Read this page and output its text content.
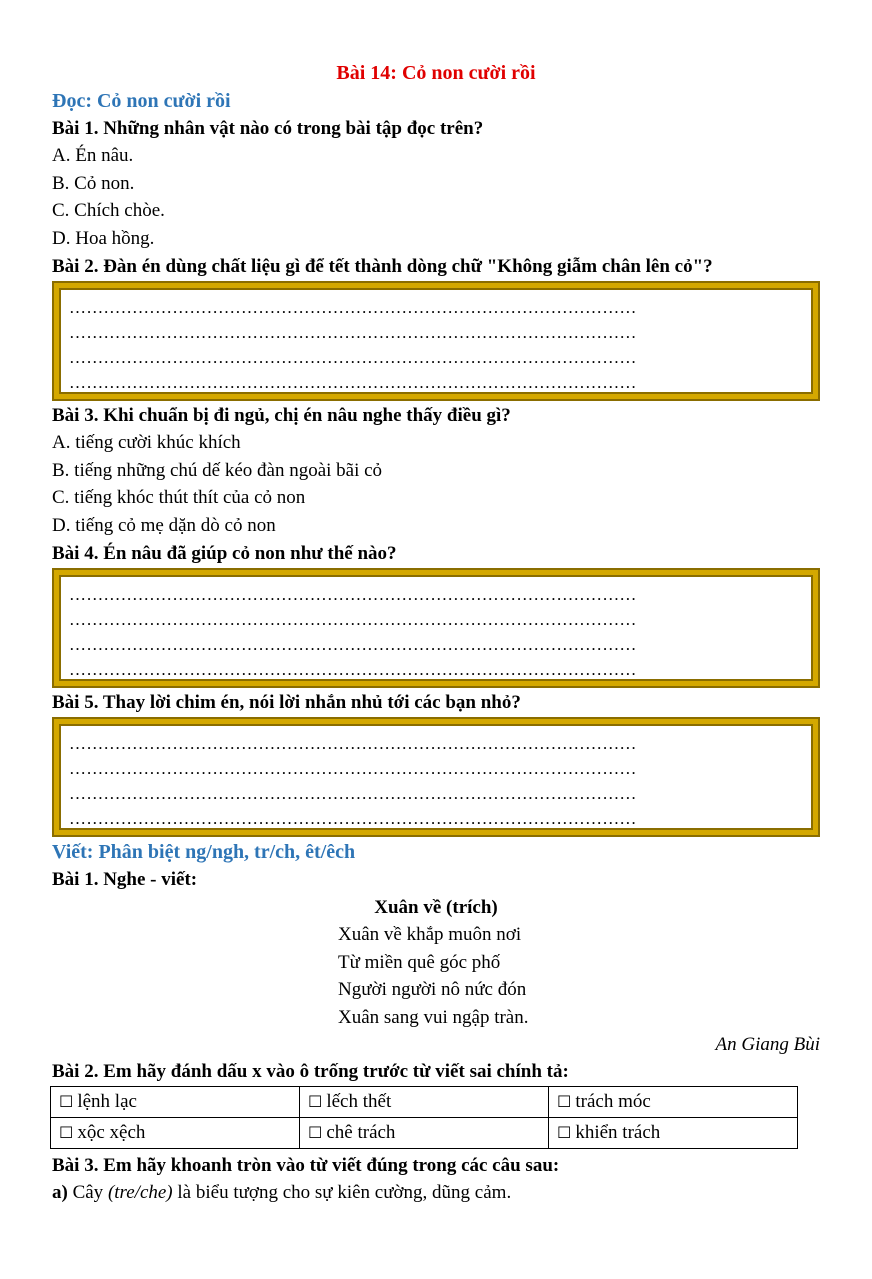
Bài 14: Cỏ non cười rồi
Đọc: Cỏ non cười rồi
Bài 1. Những nhân vật nào có trong bài tập đọc trên?
A. Én nâu.
B. Cỏ non.
C. Chích chòe.
D. Hoa hồng.
Bài 2. Đàn én dùng chất liệu gì để tết thành dòng chữ "Không giẫm chân lên cỏ"?
………………………………………………………………………………………
………………………………………………………………………………………
………………………………………………………………………………………
………………………………………………………………………………………
Bài 3. Khi chuẩn bị đi ngủ, chị én nâu nghe thấy điều gì?
A. tiếng cười khúc khích
B. tiếng những chú dế kéo đàn ngoài bãi cỏ
C. tiếng khóc thút thít của cỏ non
D. tiếng cỏ mẹ dặn dò cỏ non
Bài 4. Én nâu đã giúp cỏ non như thế nào?
………………………………………………………………………………………
………………………………………………………………………………………
………………………………………………………………………………………
………………………………………………………………………………………
Bài 5. Thay lời chim én, nói lời nhắn nhủ tới các bạn nhỏ?
………………………………………………………………………………………
………………………………………………………………………………………
………………………………………………………………………………………
………………………………………………………………………………………
Viết: Phân biệt ng/ngh, tr/ch, êt/êch
Bài 1. Nghe - viết:
Xuân về (trích)
Xuân về khắp muôn nơi
Từ miền quê góc phố
Người người nô nức đón
Xuân sang vui ngập tràn.
An Giang Bùi
Bài 2. Em hãy đánh dấu x vào ô trống trước từ viết sai chính tả:
☐ lệnh lạc	☐ lếch thết	☐ trách móc
☐ xộc xệch	☐ chê trách	☐ khiển trách
Bài 3. Em hãy khoanh tròn vào từ viết đúng trong các câu sau:
a) Cây (tre/che) là biểu tượng cho sự kiên cường, dũng cảm.
